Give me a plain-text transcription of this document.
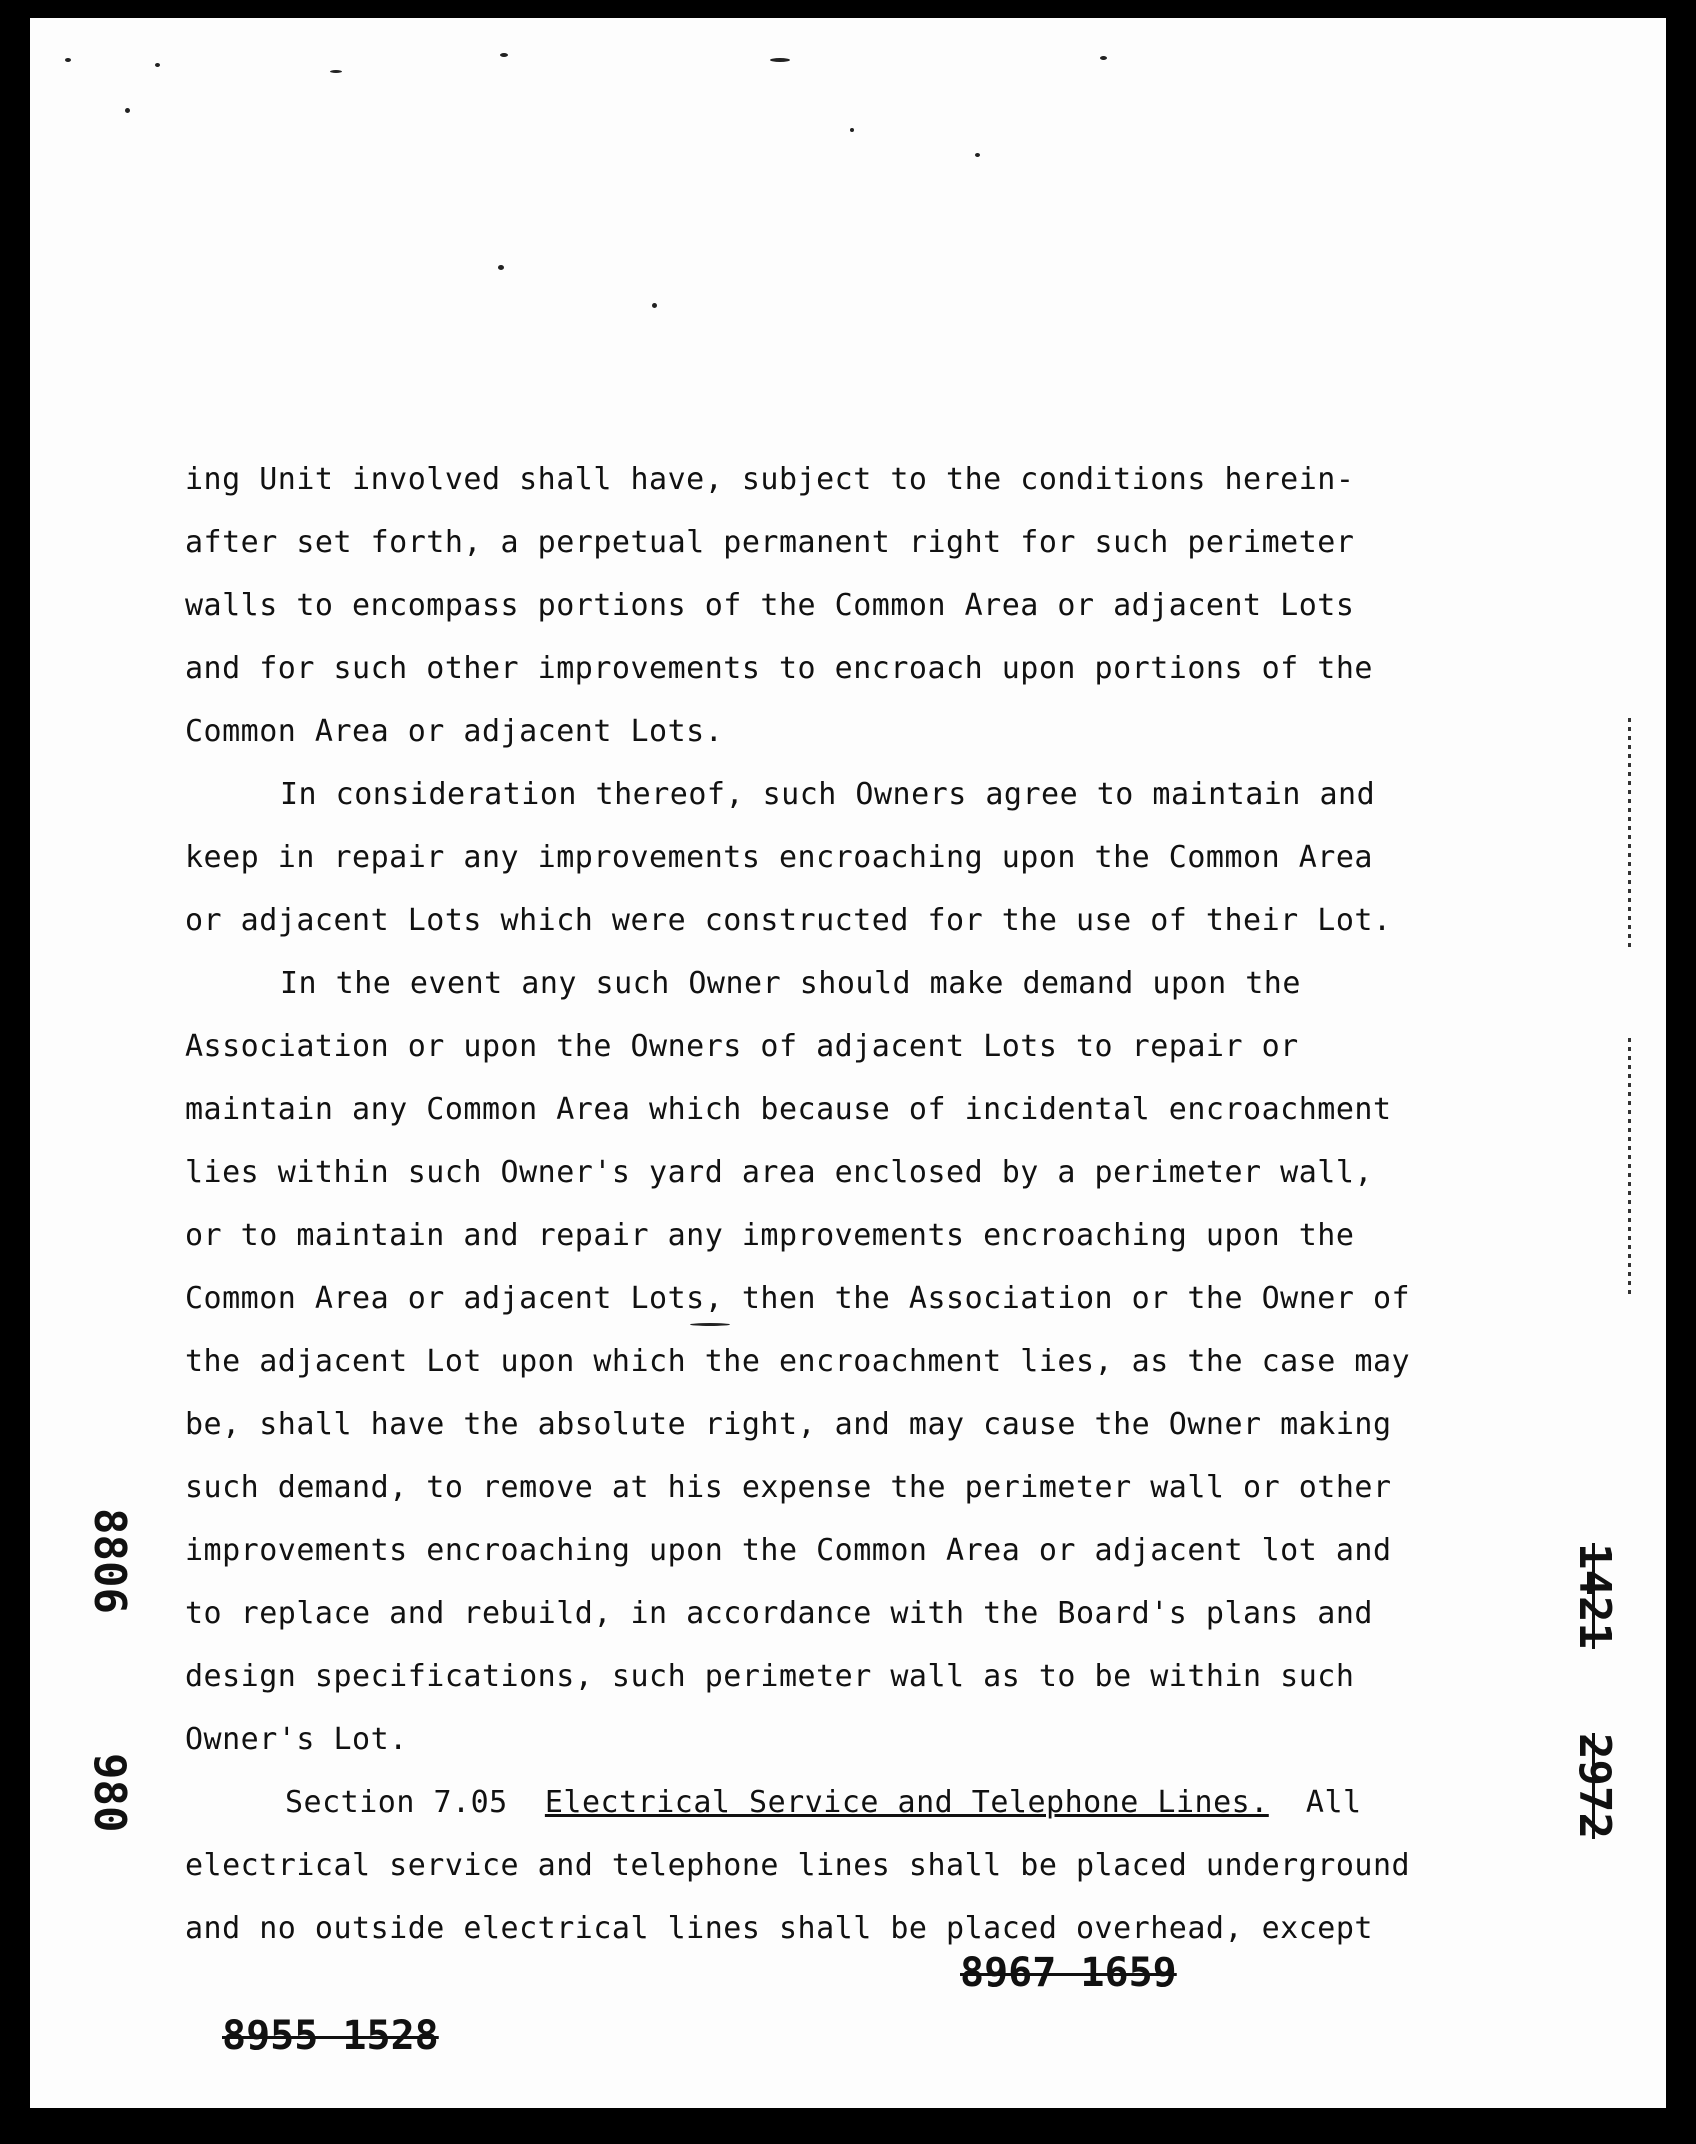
ing Unit involved shall have, subject to the conditions herein-
after set forth, a perpetual permanent right for such perimeter
walls to encompass portions of the Common Area or adjacent Lots
and for such other improvements to encroach upon portions of the
Common Area or adjacent Lots.
In consideration thereof, such Owners agree to maintain and
keep in repair any improvements encroaching upon the Common Area
or adjacent Lots which were constructed for the use of their Lot.
In the event any such Owner should make demand upon the
Association or upon the Owners of adjacent Lots to repair or
maintain any Common Area which because of incidental encroachment
lies within such Owner's yard area enclosed by a perimeter wall,
or to maintain and repair any improvements encroaching upon the
Common Area or adjacent Lots, then the Association or the Owner of
the adjacent Lot upon which the encroachment lies, as the case may
be, shall have the absolute right, and may cause the Owner making
such demand, to remove at his expense the perimeter wall or other
improvements encroaching upon the Common Area or adjacent lot and
to replace and rebuild, in accordance with the Board's plans and
design specifications, such perimeter wall as to be within such
Owner's Lot.
Section 7.05 Electrical Service and Telephone Lines. All
electrical service and telephone lines shall be placed underground
and no outside electrical lines shall be placed overhead, except
8955 1528
8967 1659
8806
980
1421
2972
